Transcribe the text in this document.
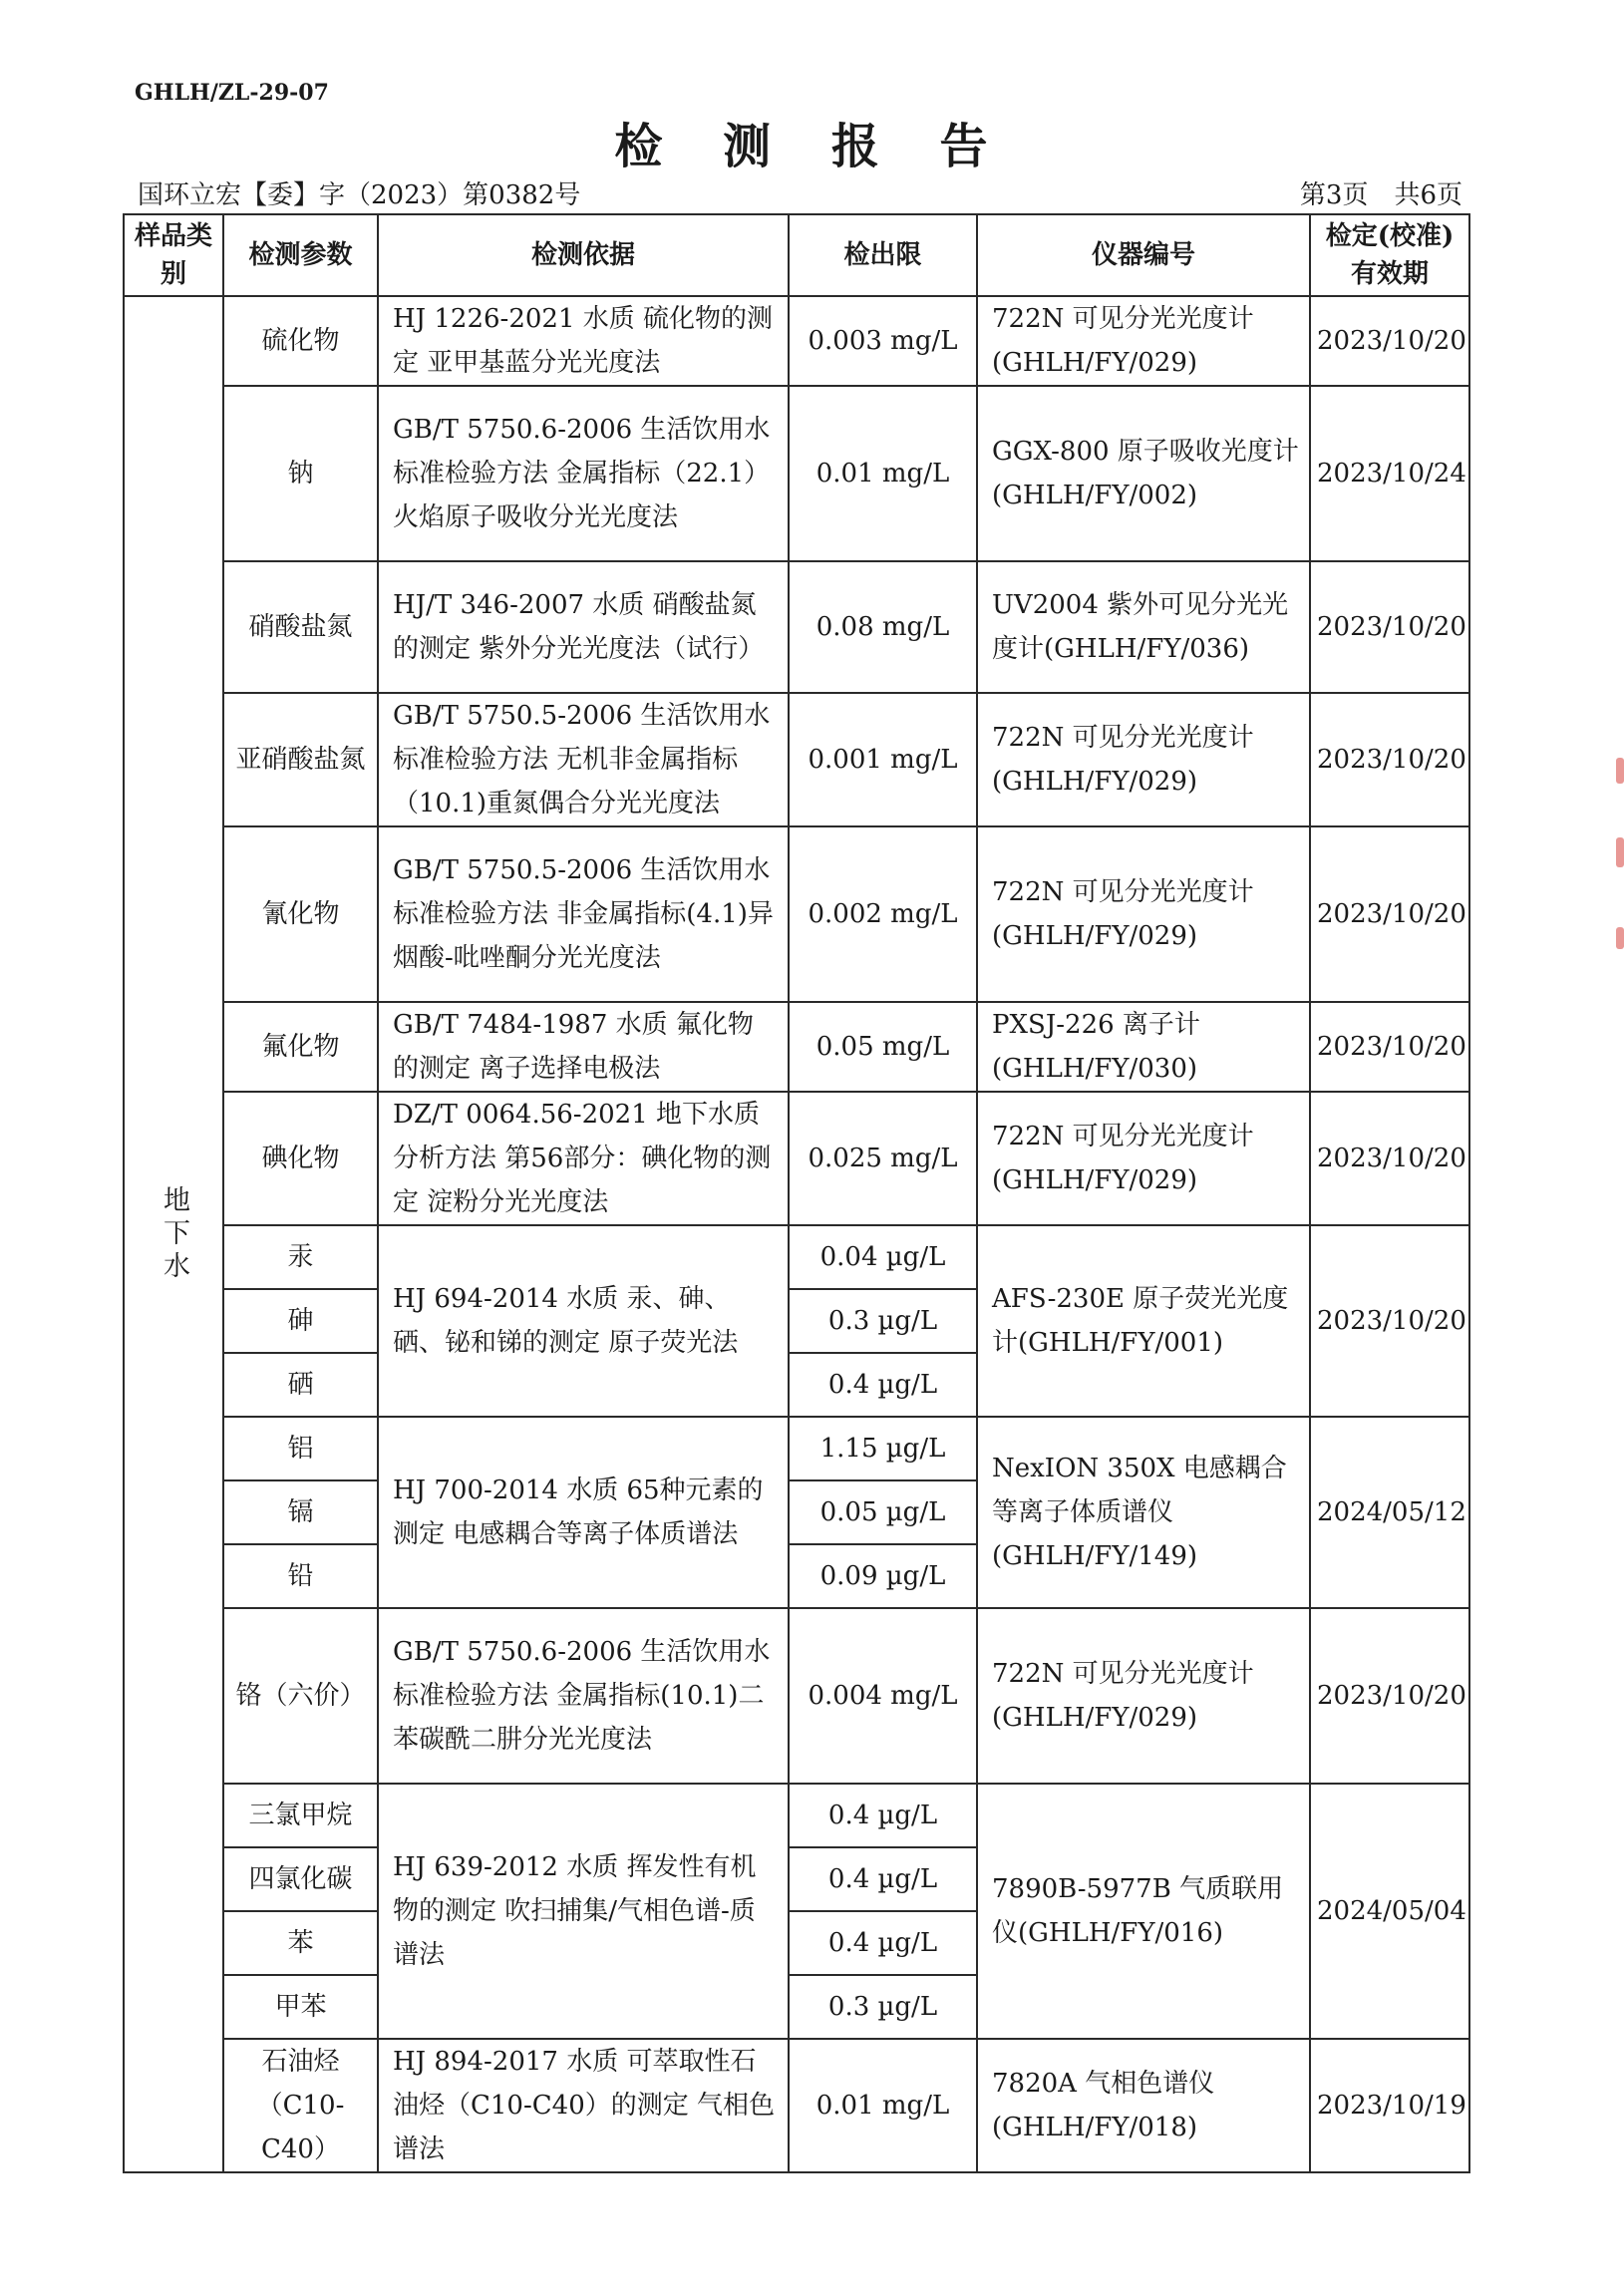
GHLH/ZL-29-07
检 测 报 告
国环立宏【委】字（2023）第0382号	第3页　共6页
样品类别	检测参数	检测依据	检出限	仪器编号	检定(校准)有效期
地下水	硫化物	HJ 1226-2021 水质 硫化物的测定 亚甲基蓝分光光度法	0.003 mg/L	722N 可见分光光度计(GHLH/FY/029)	2023/10/20
	钠	GB/T 5750.6-2006 生活饮用水标准检验方法 金属指标（22.1）火焰原子吸收分光光度法	0.01 mg/L	GGX-800 原子吸收光度计(GHLH/FY/002)	2023/10/24
	硝酸盐氮	HJ/T 346-2007 水质 硝酸盐氮的测定 紫外分光光度法（试行）	0.08 mg/L	UV2004 紫外可见分光光度计(GHLH/FY/036)	2023/10/20
	亚硝酸盐氮	GB/T 5750.5-2006 生活饮用水标准检验方法 无机非金属指标（10.1)重氮偶合分光光度法	0.001 mg/L	722N 可见分光光度计(GHLH/FY/029)	2023/10/20
	氰化物	GB/T 5750.5-2006 生活饮用水标准检验方法 非金属指标(4.1)异烟酸-吡唑酮分光光度法	0.002 mg/L	722N 可见分光光度计(GHLH/FY/029)	2023/10/20
	氟化物	GB/T 7484-1987 水质 氟化物的测定 离子选择电极法	0.05 mg/L	PXSJ-226 离子计(GHLH/FY/030)	2023/10/20
	碘化物	DZ/T 0064.56-2021 地下水质分析方法 第56部分：碘化物的测定 淀粉分光光度法	0.025 mg/L	722N 可见分光光度计(GHLH/FY/029)	2023/10/20
	汞	HJ 694-2014 水质 汞、砷、硒、铋和锑的测定 原子荧光法	0.04 µg/L	AFS-230E 原子荧光光度计(GHLH/FY/001)	2023/10/20
	砷		0.3 µg/L		
	硒		0.4 µg/L		
	铝	HJ 700-2014 水质 65种元素的测定 电感耦合等离子体质谱法	1.15 µg/L	NexION 350X 电感耦合等离子体质谱仪(GHLH/FY/149)	2024/05/12
	镉		0.05 µg/L		
	铅		0.09 µg/L		
	铬（六价）	GB/T 5750.6-2006 生活饮用水标准检验方法 金属指标(10.1)二苯碳酰二肼分光光度法	0.004 mg/L	722N 可见分光光度计(GHLH/FY/029)	2023/10/20
	三氯甲烷	HJ 639-2012 水质 挥发性有机物的测定 吹扫捕集/气相色谱-质谱法	0.4 µg/L	7890B-5977B 气质联用仪(GHLH/FY/016)	2024/05/04
	四氯化碳		0.4 µg/L		
	苯		0.4 µg/L		
	甲苯		0.3 µg/L		
	石油烃（C10-C40）	HJ 894-2017 水质 可萃取性石油烃（C10-C40）的测定 气相色谱法	0.01 mg/L	7820A 气相色谱仪(GHLH/FY/018)	2023/10/19
